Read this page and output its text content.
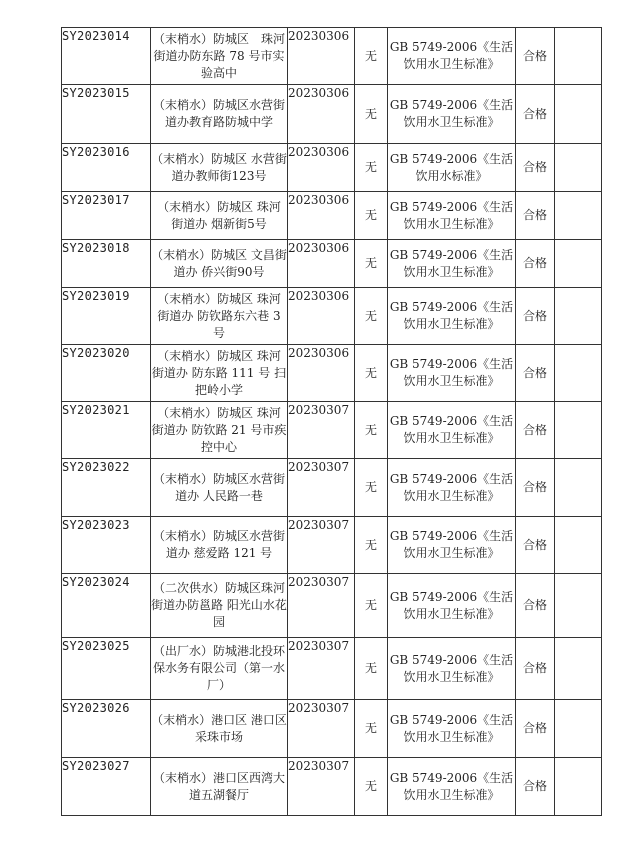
SY2023014	（末梢水）防城区　珠河街道办防东路 78 号市实验高中	20230306	无	GB 5749-2006《生活饮用水卫生标准》	合格	
SY2023015	（末梢水）防城区水营街道办教育路防城中学	20230306	无	GB 5749-2006《生活饮用水卫生标准》	合格	
SY2023016	（末梢水）防城区 水营街道办教师街123号	20230306	无	GB 5749-2006《生活饮用水标准》	合格	
SY2023017	（末梢水）防城区 珠河 街道办 烟新街5号	20230306	无	GB 5749-2006《生活饮用水卫生标准》	合格	
SY2023018	（末梢水）防城区 文昌街道办 侨兴街90号	20230306	无	GB 5749-2006《生活饮用水卫生标准》	合格	
SY2023019	（末梢水）防城区 珠河 街道办 防钦路东六巷 3 号	20230306	无	GB 5749-2006《生活饮用水卫生标准》	合格	
SY2023020	（末梢水）防城区 珠河 街道办 防东路 111 号 扫把岭小学	20230306	无	GB 5749-2006《生活饮用水卫生标准》	合格	
SY2023021	（末梢水）防城区 珠河 街道办 防钦路 21 号市疾控中心	20230307	无	GB 5749-2006《生活饮用水卫生标准》	合格	
SY2023022	（末梢水）防城区水营街道办 人民路一巷	20230307	无	GB 5749-2006《生活饮用水卫生标准》	合格	
SY2023023	（末梢水）防城区水营街道办 慈爱路 121 号	20230307	无	GB 5749-2006《生活饮用水卫生标准》	合格	
SY2023024	（二次供水）防城区珠河街道办防邕路 阳光山水花园	20230307	无	GB 5749-2006《生活饮用水卫生标准》	合格	
SY2023025	（出厂水）防城港北投环保水务有限公司（第一水厂）	20230307	无	GB 5749-2006《生活饮用水卫生标准》	合格	
SY2023026	（末梢水）港口区 港口区采珠市场	20230307	无	GB 5749-2006《生活饮用水卫生标准》	合格	
SY2023027	（末梢水）港口区西湾大道五湖餐厅	20230307	无	GB 5749-2006《生活饮用水卫生标准》	合格	
